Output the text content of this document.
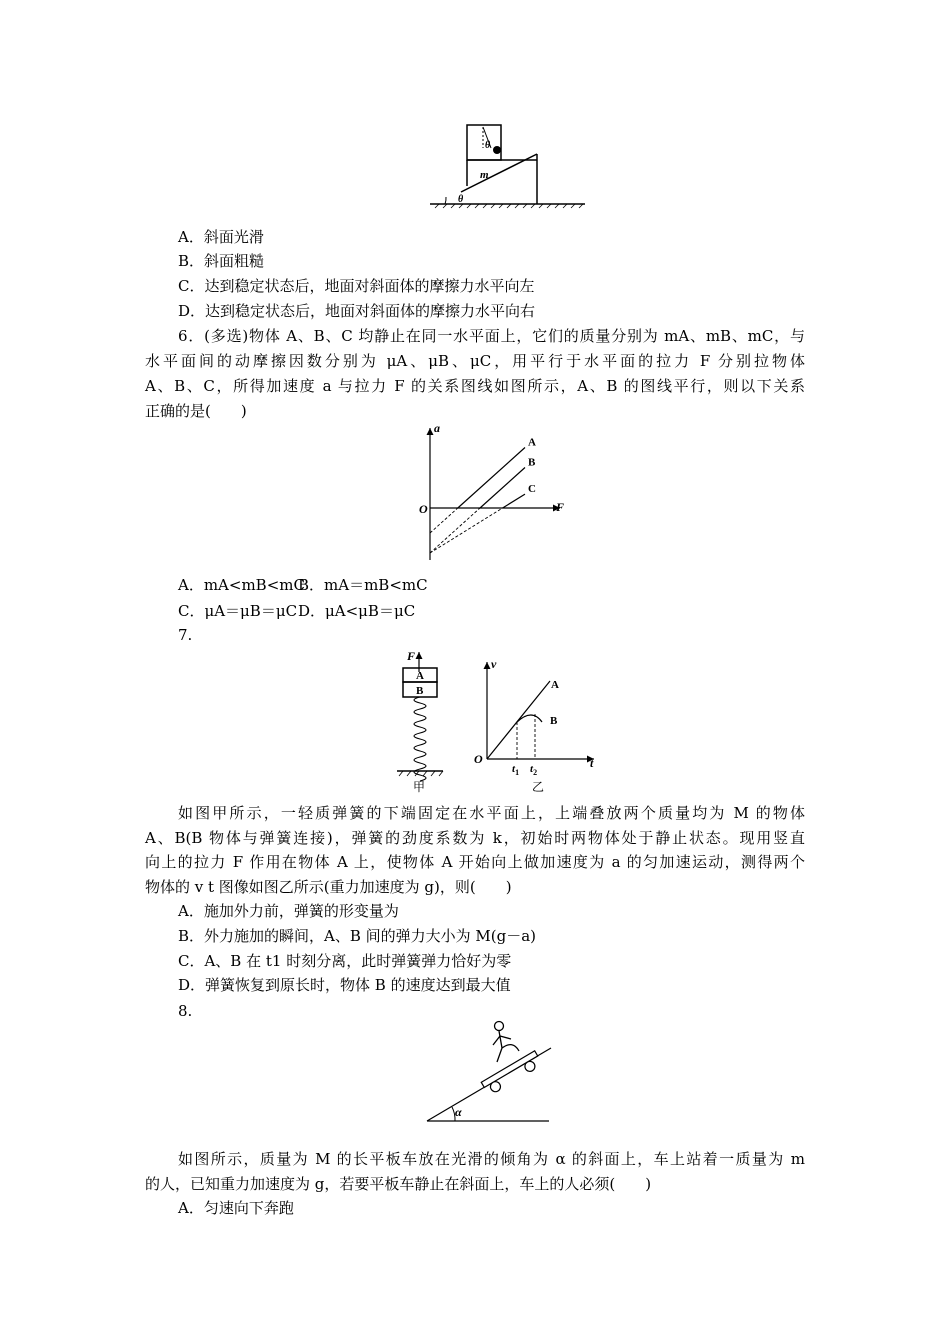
θ
m
θ
A．斜面光滑
B．斜面粗糙
C．达到稳定状态后，地面对斜面体的摩擦力水平向左
D．达到稳定状态后，地面对斜面体的摩擦力水平向右
6．(多选)物体 A、B、C 均静止在同一水平面上，它们的质量分别为 mA、mB、mC，与
水平面间的动摩擦因数分别为 μA、μB、μC，用平行于水平面的拉力 F 分别拉物体
A、B、C，所得加速度 a 与拉力 F 的关系图线如图所示，A、B 的图线平行，则以下关系
正确的是(　　)
a
F
O
A
B
C
A．mA<mB<mC
B．mA＝mB<mC
C．μA＝μB＝μC D．μA<μB＝μC
7.
F
A
B
甲
v
t
O
A
B
$t_1$ $t_2$
乙
如图甲所示，一轻质弹簧的下端固定在水平面上，上端叠放两个质量均为 M 的物体
A、B(B 物体与弹簧连接)，弹簧的劲度系数为 k，初始时两物体处于静止状态。现用竖直
向上的拉力 F 作用在物体 A 上，使物体 A 开始向上做加速度为 a 的匀加速运动，测得两个
物体的 v t 图像如图乙所示(重力加速度为 g)，则(　　)
A．施加外力前，弹簧的形变量为
B．外力施加的瞬间，A、B 间的弹力大小为 M(g－a)
C．A、B 在 t1 时刻分离，此时弹簧弹力恰好为零
D．弹簧恢复到原长时，物体 B 的速度达到最大值
8.
α
如图所示，质量为 M 的长平板车放在光滑的倾角为 α 的斜面上，车上站着一质量为 m
的人，已知重力加速度为 g，若要平板车静止在斜面上，车上的人必须(　　)
A．匀速向下奔跑
